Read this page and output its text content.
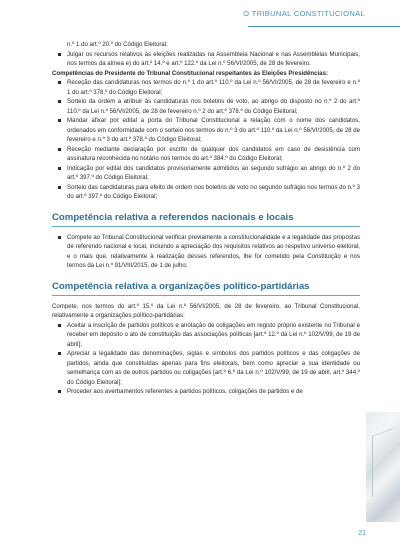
O TRIBUNAL CONSTITUCIONAL
n.º 1 do art.º 20.º do Código Eleitoral;
Julgar os recursos relativos às eleições realizadas na Assembleia Nacional e nas Assembleias Municipais, nos termos da alínea e) do art.º 14.º e art.º 122.º da Lei n.º 56/VI/2005, de 28 de fevereiro.

Competências do Presidente do Tribunal Constitucional respeitantes às Eleições Presidências:

Receção das candidaturas nos termos do n.º 1 do art.º 110.º da Lei n.º 56/VI/2005, de 28 de fevereiro e n.º 1 do art.º 378.º do Código Eleitoral;
Sorteio da ordem a atribuir às candidaturas nos boletins de voto, ao abrigo do disposto no n.º 2 do art.º 110.º da Lei n.º 56/VI/2005, de 28 de fevereiro n.º 2 do art.º 378.º do Código Eleitoral;
Mandar afixar por edital a porta do Tribunal Constitucional a relação com o nome dos candidatos, ordenados em conformidade com o sorteio nos termos do n.º 3 do art.º 110.º da Lei n.º 56/VI/2005, de 28 de fevereiro e n.º 3 do art.º 378.º do Código Eleitoral;
Receção mediante declaração por escrito de qualquer dos candidatos em caso de desistência com assinatura reconhecida no notário nos termos do art.º 384.º do Código Eleitoral;
Indicação por edital dos candidatos provisoriamente admitidos ao segundo sufrágio ao abrigo do n.º 2 do art.º 397.º do Código Eleitoral;
Sorteio das candidaturas para efeito de ordem nos boletins de voto no segundo sufrágio nos termos do n.º 3 do art.º 397.º do Código Eleitoral;
Competência relativa a referendos nacionais e locais
Compete ao Tribunal Constitucional verificar previamente a constitucionalidade e a legalidade das propostas de referendo nacional e local, incluindo a apreciação dos requisitos relativos ao respetivo universo eleitoral, e o mais que, relativamente à realização desses referendos, lhe for cometido pela Constituição e nos termos da Lei n.º 91/VIII/2015, de 1 de julho;
Competência relativa a organizações político-partidárias

Compete, nos termos do art.º 15.º da Lei n.º 56/VI/2005, de 28 de fevereiro, ao Tribunal Constitucional, relativamente a organizações político-partidárias:

Aceitar a inscrição de partidos políticos e anotação de coligações em registo próprio existente no Tribunal e receber em depósito o ato de constituição das associações políticas [art.º 12.º da Lei n.º 102/V/99, de 19 de abril];
Apreciar a legalidade das denominações, siglas e símbolos dos partidos políticos e das coligações de partidos, ainda que constituídas apenas para fins eleitorais, bem como apreciar a sua identidade ou semelhança com as de outros partidos ou coligações [art.º 6.º da Lei n.º 102/V/99, de 19 de abril, art.º 344.º do Código Eleitoral];
Proceder aos averbamentos referentes a partidos políticos, coligações de partidos e de
21
